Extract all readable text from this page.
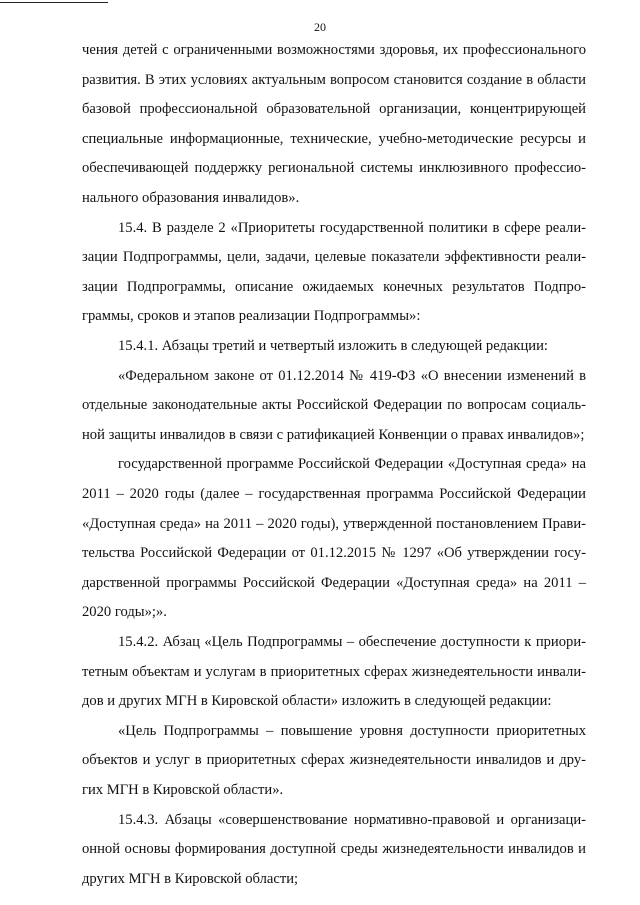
20
чения детей с ограниченными возможностями здоровья, их профессионального
развития. В этих условиях актуальным вопросом становится создание в области
базовой профессиональной образовательной организации, концентрирующей
специальные информационные, технические, учебно-методические ресурсы и
обеспечивающей поддержку региональной системы инклюзивного профессио-
нального образования инвалидов».
15.4. В разделе 2 «Приоритеты государственной политики в сфере реали-
зации Подпрограммы, цели, задачи, целевые показатели эффективности реали-
зации Подпрограммы, описание ожидаемых конечных результатов Подпро-
граммы, сроков и этапов реализации Подпрограммы»:
15.4.1. Абзацы третий и четвертый изложить в следующей редакции:
«Федеральном законе от 01.12.2014 № 419-ФЗ «О внесении изменений в
отдельные законодательные акты Российской Федерации по вопросам социаль-
ной защиты инвалидов в связи с ратификацией Конвенции о правах инвалидов»;
государственной программе Российской Федерации «Доступная среда» на
2011 – 2020 годы (далее – государственная программа Российской Федерации
«Доступная среда» на 2011 – 2020 годы), утвержденной постановлением Прави-
тельства Российской Федерации от 01.12.2015 № 1297 «Об утверждении госу-
дарственной программы Российской Федерации «Доступная среда» на 2011 –
2020 годы»;».
15.4.2. Абзац «Цель Подпрограммы – обеспечение доступности к приори-
тетным объектам и услугам в приоритетных сферах жизнедеятельности инвали-
дов и других МГН в Кировской области» изложить в следующей редакции:
«Цель Подпрограммы – повышение уровня доступности приоритетных
объектов и услуг в приоритетных сферах жизнедеятельности инвалидов и дру-
гих МГН в Кировской области».
15.4.3. Абзацы «совершенствование нормативно-правовой и организаци-
онной основы формирования доступной среды жизнедеятельности инвалидов и
других МГН в Кировской области;
